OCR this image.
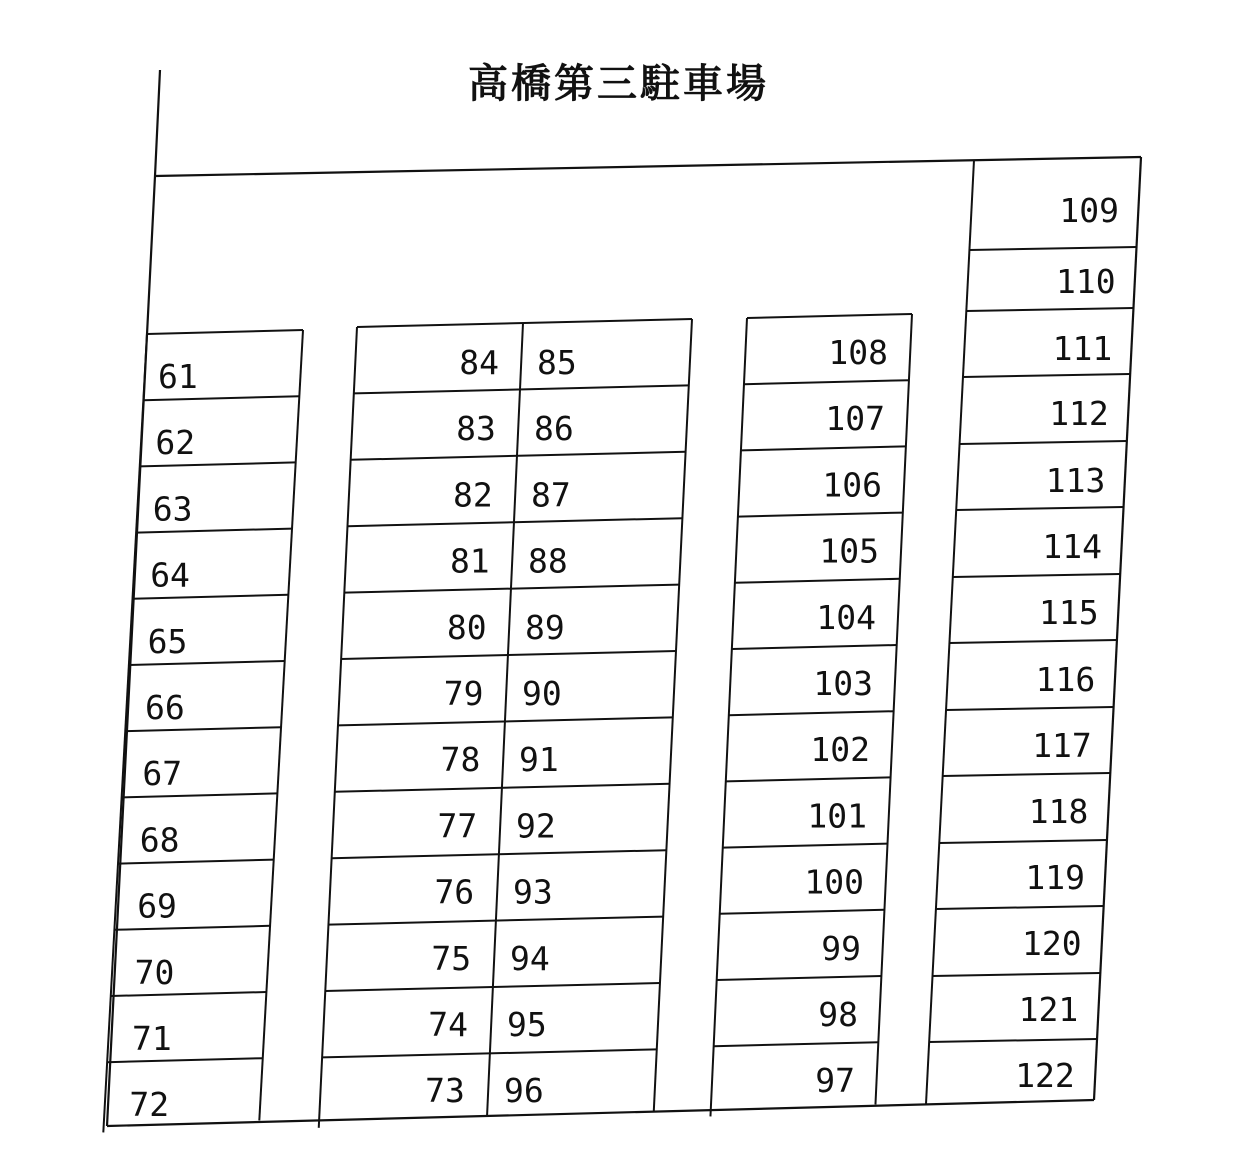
高橋第三駐車場
61
62
63
64
65
66
67
68
69
70
71
72
84
83
82
81
80
79
78
77
76
75
74
73
85
86
87
88
89
90
91
92
93
94
95
96
108
107
106
105
104
103
102
101
100
99
98
97
109
110
111
112
113
114
115
116
117
118
119
120
121
122
